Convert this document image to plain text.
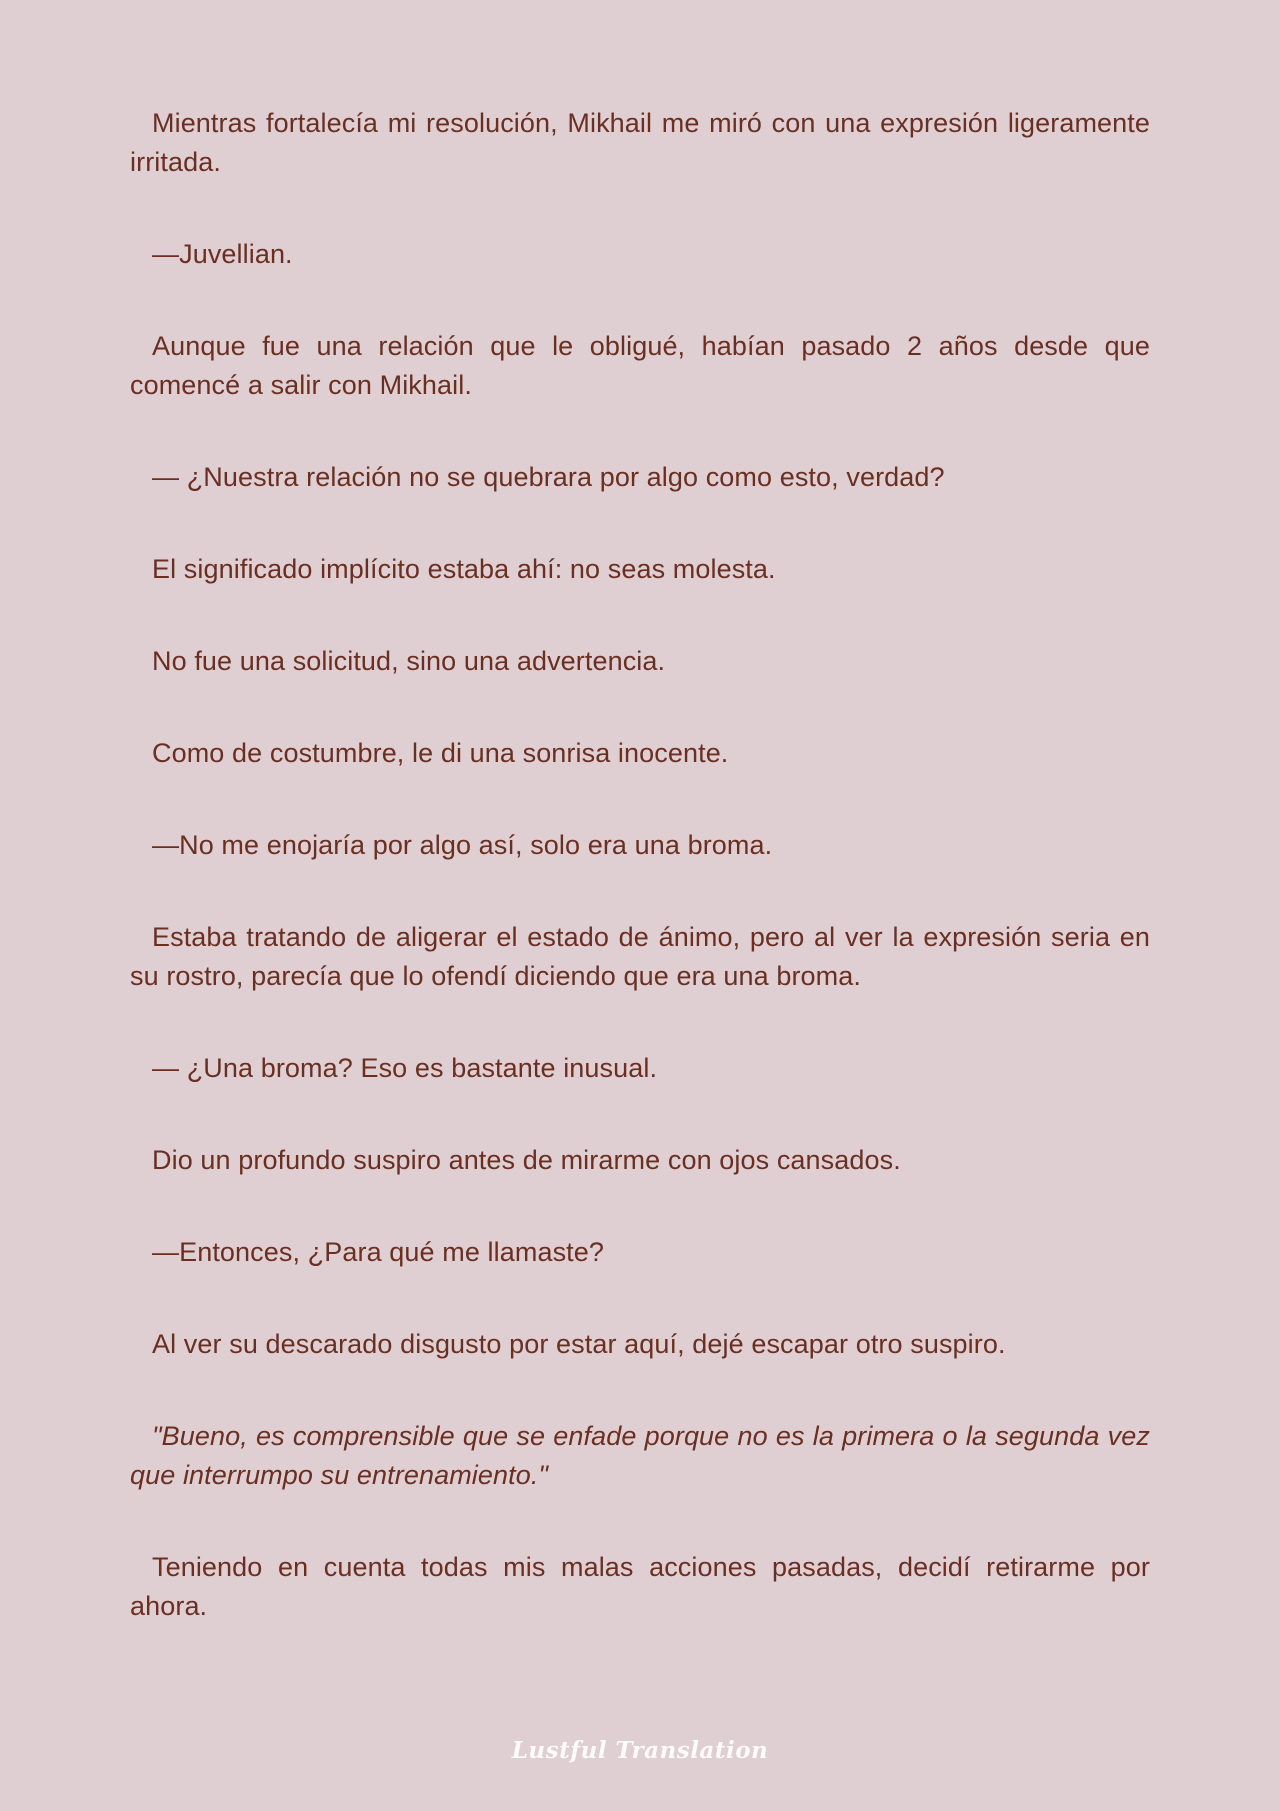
Mientras fortalecía mi resolución, Mikhail me miró con una expresión ligeramente irritada.

—Juvellian.

Aunque fue una relación que le obligué, habían pasado 2 años desde que comencé a salir con Mikhail.

— ¿Nuestra relación no se quebrara por algo como esto, verdad?

El significado implícito estaba ahí: no seas molesta.

No fue una solicitud, sino una advertencia.

Como de costumbre, le di una sonrisa inocente.

—No me enojaría por algo así, solo era una broma.

Estaba tratando de aligerar el estado de ánimo, pero al ver la expresión seria en su rostro, parecía que lo ofendí diciendo que era una broma.

— ¿Una broma? Eso es bastante inusual.

Dio un profundo suspiro antes de mirarme con ojos cansados.

—Entonces, ¿Para qué me llamaste?

Al ver su descarado disgusto por estar aquí, dejé escapar otro suspiro.

"Bueno, es comprensible que se enfade porque no es la primera o la segunda vez que interrumpo su entrenamiento."

Teniendo en cuenta todas mis malas acciones pasadas, decidí retirarme por ahora.

Lustful Translation
